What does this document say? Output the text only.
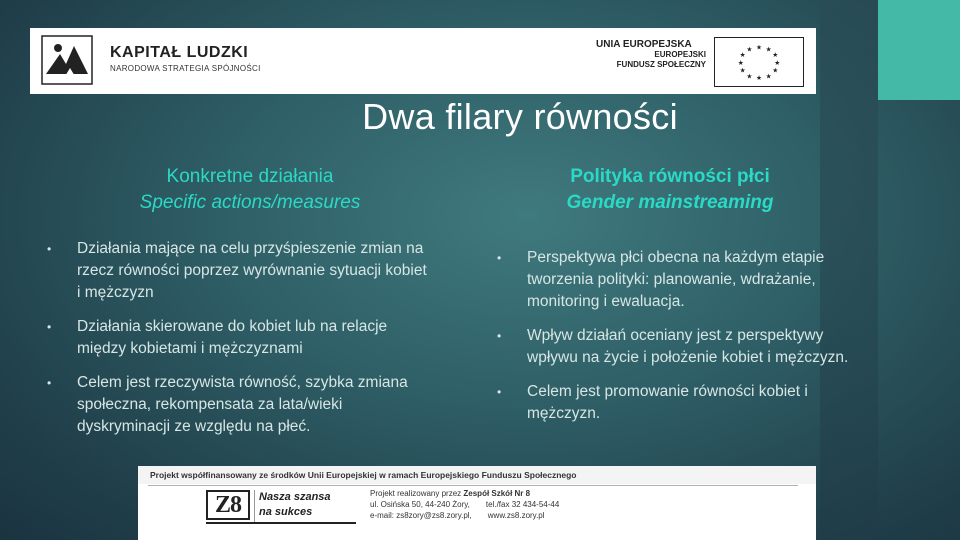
KAPITAŁ LUDZKI
NARODOWA STRATEGIA SPÓJNOŚCI
UNIA EUROPEJSKA
EUROPEJSKI
FUNDUSZ SPOŁECZNY
★ ★
★
★
★
★
★
★
★
★
★
★
Dwa filary równości
Konkretne działania
Specific actions/measures
Polityka równości płci
Gender mainstreaming
• Działania mające na celu przyśpieszenie zmian na rzecz równości poprzez wyrównanie sytuacji kobiet i mężczyzn
• Działania skierowane do kobiet lub na relacje między kobietami i mężczyznami
• Celem jest rzeczywista równość, szybka zmiana społeczna, rekompensata za lata/wieki dyskryminacji ze względu na płeć.
• Perspektywa płci obecna na każdym etapie tworzenia polityki: planowanie, wdrażanie, monitoring i ewaluacja.
• Wpływ działań oceniany jest z perspektywy wpływu na życie i położenie kobiet i mężczyzn.
• Celem jest promowanie równości kobiet i mężczyzn.
Projekt współfinansowany ze środków Unii Europejskiej w ramach Europejskiego Funduszu Społecznego
Z8	Nasza szansa
na sukces
Projekt realizowany przez Zespół Szkół Nr 8
ul. Osińska 50, 44-240 Żory, tel./fax 32 434-54-44
e-mail: zs8zory@zs8.zory.pl, www.zs8.zory.pl
